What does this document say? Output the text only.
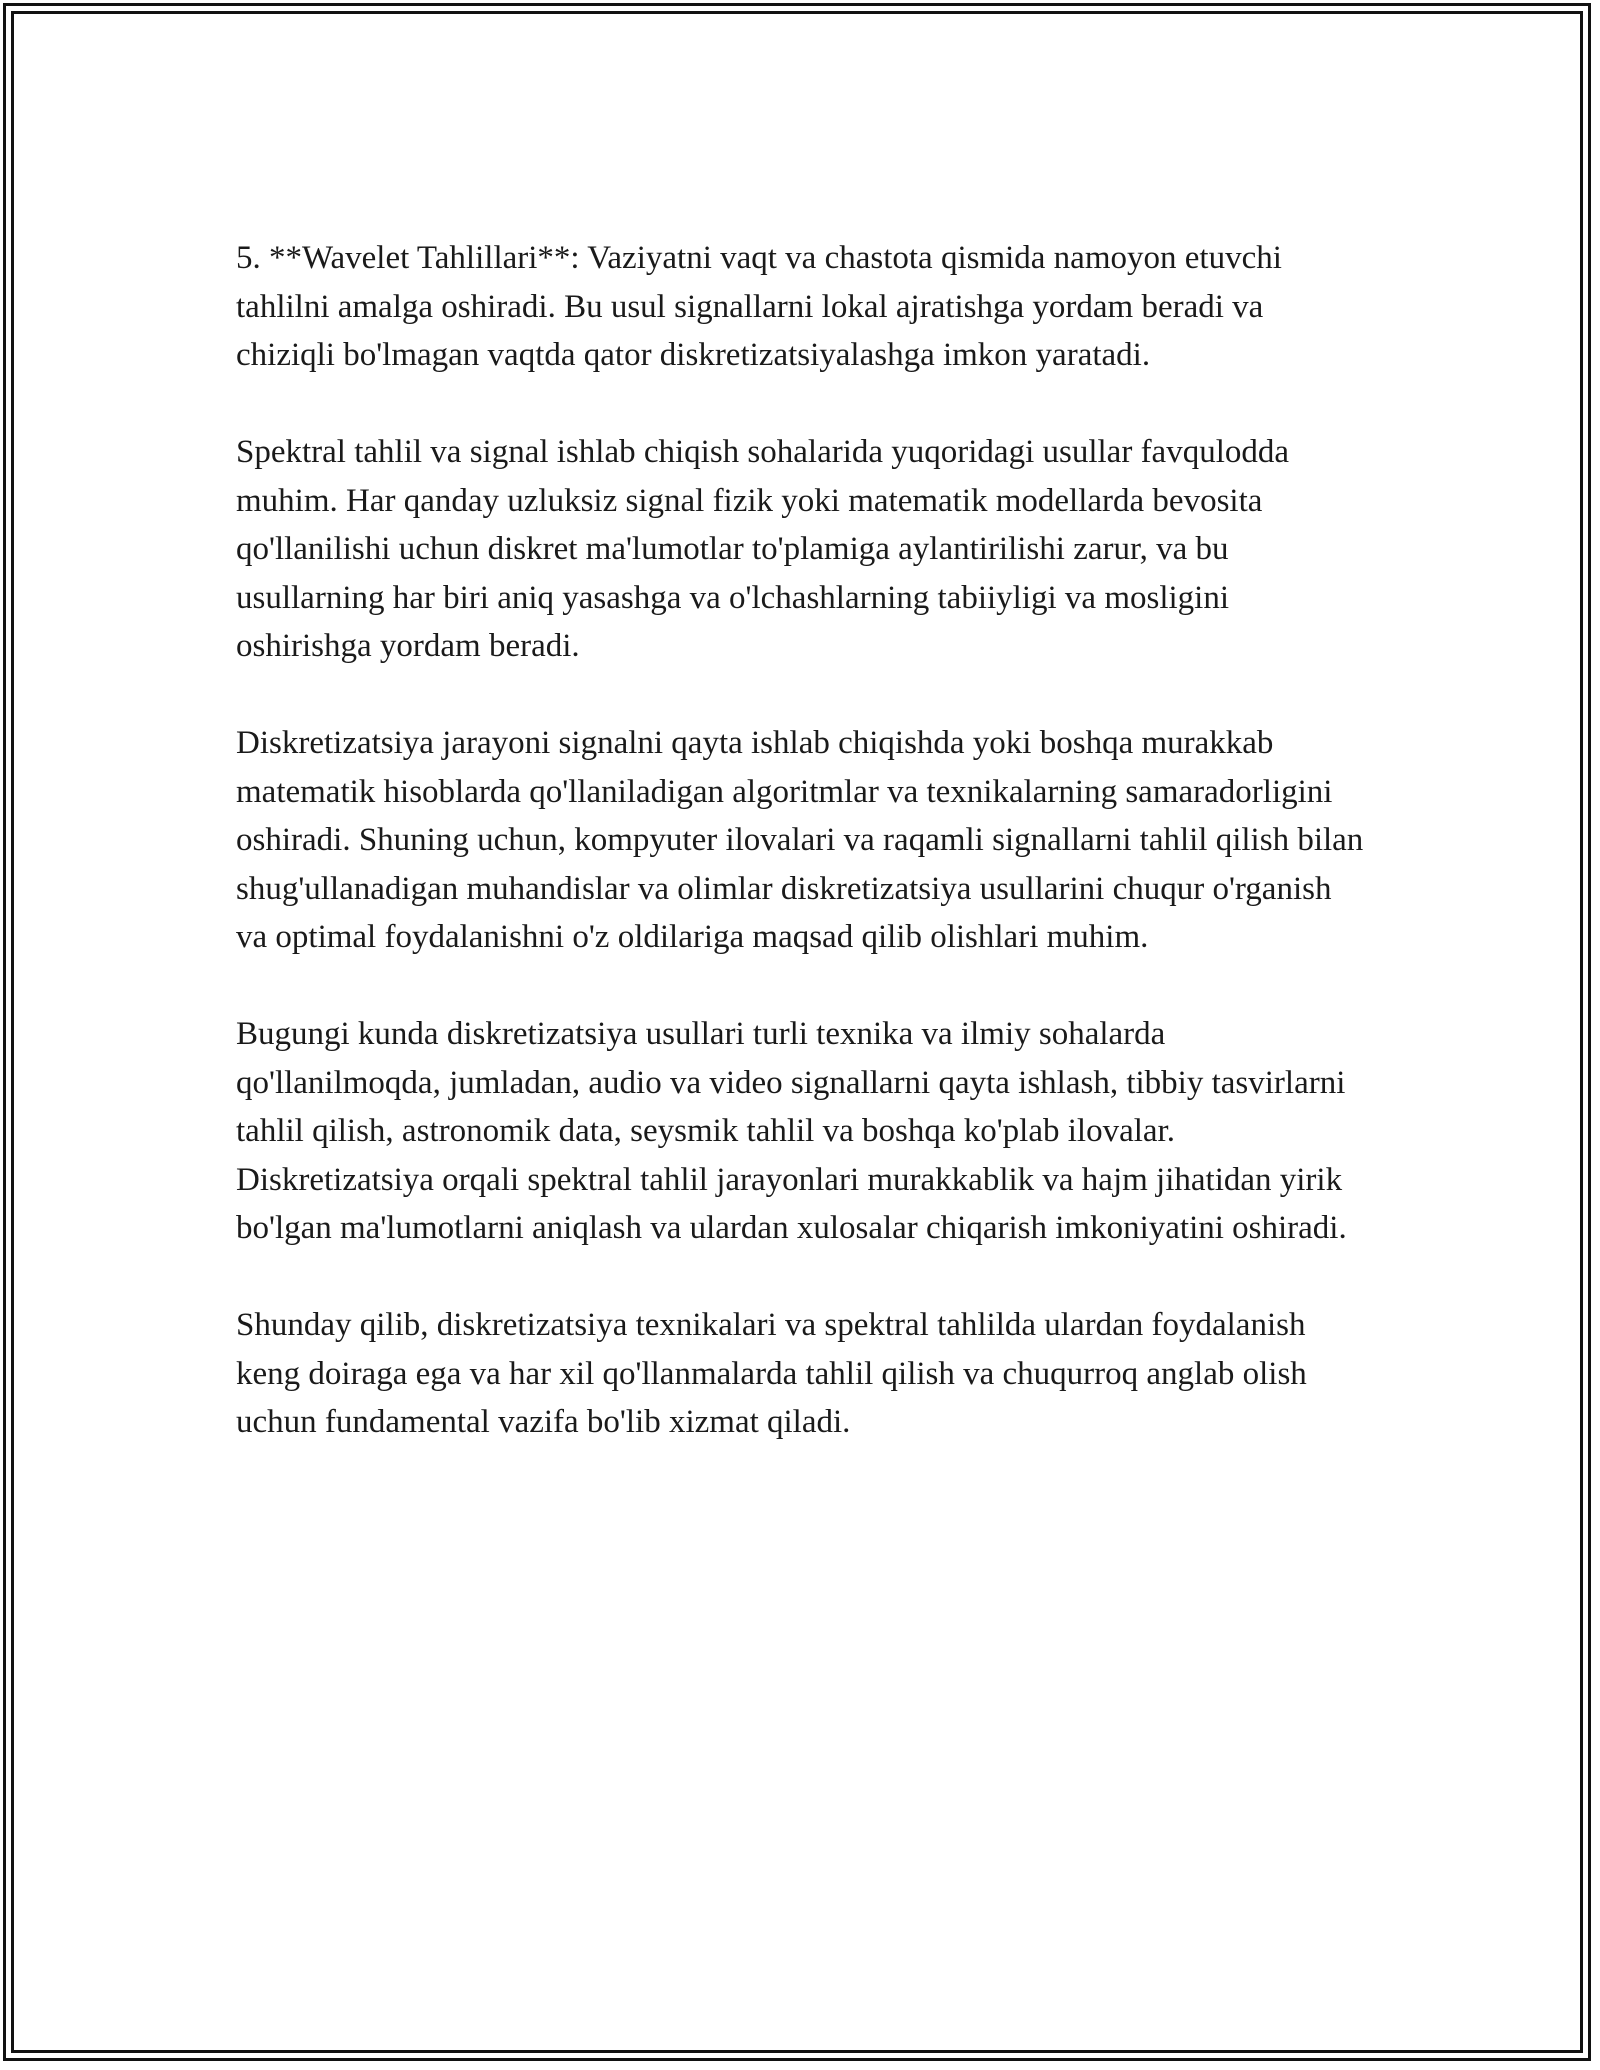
5. **Wavelet Tahlillari**: Vaziyatni vaqt va chastota qismida namoyon etuvchi tahlilni amalga oshiradi. Bu usul signallarni lokal ajratishga yordam beradi va chiziqli bo'lmagan vaqtda qator diskretizatsiyalashga imkon yaratadi.

Spektral tahlil va signal ishlab chiqish sohalarida yuqoridagi usullar favqulodda muhim. Har qanday uzluksiz signal fizik yoki matematik modellarda bevosita qo'llanilishi uchun diskret ma'lumotlar to'plamiga aylantirilishi zarur, va bu usullarning har biri aniq yasashga va o'lchashlarning tabiiyligi va mosligini oshirishga yordam beradi.

Diskretizatsiya jarayoni signalni qayta ishlab chiqishda yoki boshqa murakkab matematik hisoblarda qo'llaniladigan algoritmlar va texnikalarning samaradorligini oshiradi. Shuning uchun, kompyuter ilovalari va raqamli signallarni tahlil qilish bilan shug'ullanadigan muhandislar va olimlar diskretizatsiya usullarini chuqur o'rganish va optimal foydalanishni o'z oldilariga maqsad qilib olishlari muhim.

Bugungi kunda diskretizatsiya usullari turli texnika va ilmiy sohalarda qo'llanilmoqda, jumladan, audio va video signallarni qayta ishlash, tibbiy tasvirlarni tahlil qilish, astronomik data, seysmik tahlil va boshqa ko'plab ilovalar. Diskretizatsiya orqali spektral tahlil jarayonlari murakkablik va hajm jihatidan yirik bo'lgan ma'lumotlarni aniqlash va ulardan xulosalar chiqarish imkoniyatini oshiradi.

Shunday qilib, diskretizatsiya texnikalari va spektral tahlilda ulardan foydalanish keng doiraga ega va har xil qo'llanmalarda tahlil qilish va chuqurroq anglab olish uchun fundamental vazifa bo'lib xizmat qiladi.
